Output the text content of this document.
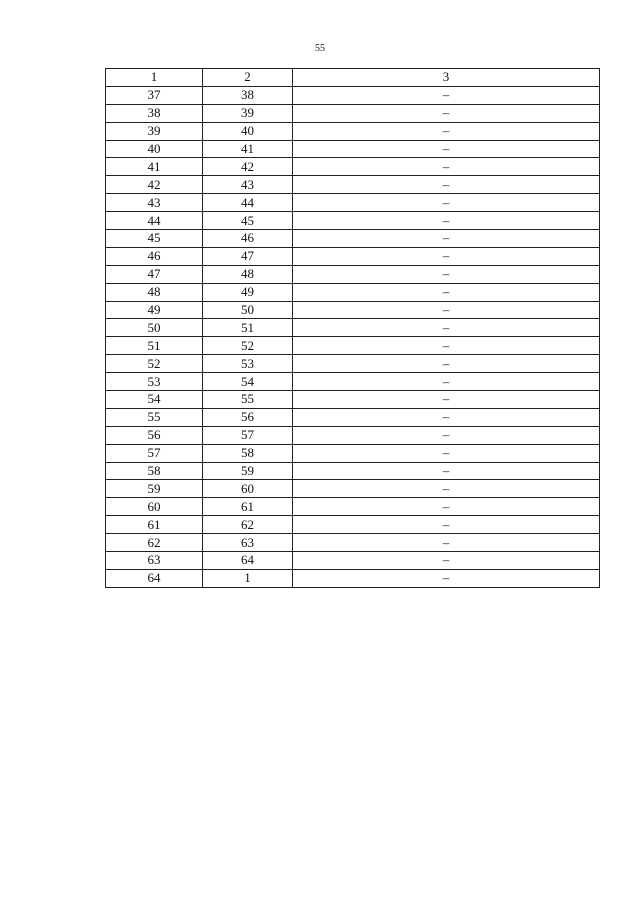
55
1	2	3
37	38	–
38	39	–
39	40	–
40	41	–
41	42	–
42	43	–
43	44	–
44	45	–
45	46	–
46	47	–
47	48	–
48	49	–
49	50	–
50	51	–
51	52	–
52	53	–
53	54	–
54	55	–
55	56	–
56	57	–
57	58	–
58	59	–
59	60	–
60	61	–
61	62	–
62	63	–
63	64	–
64	1	–
